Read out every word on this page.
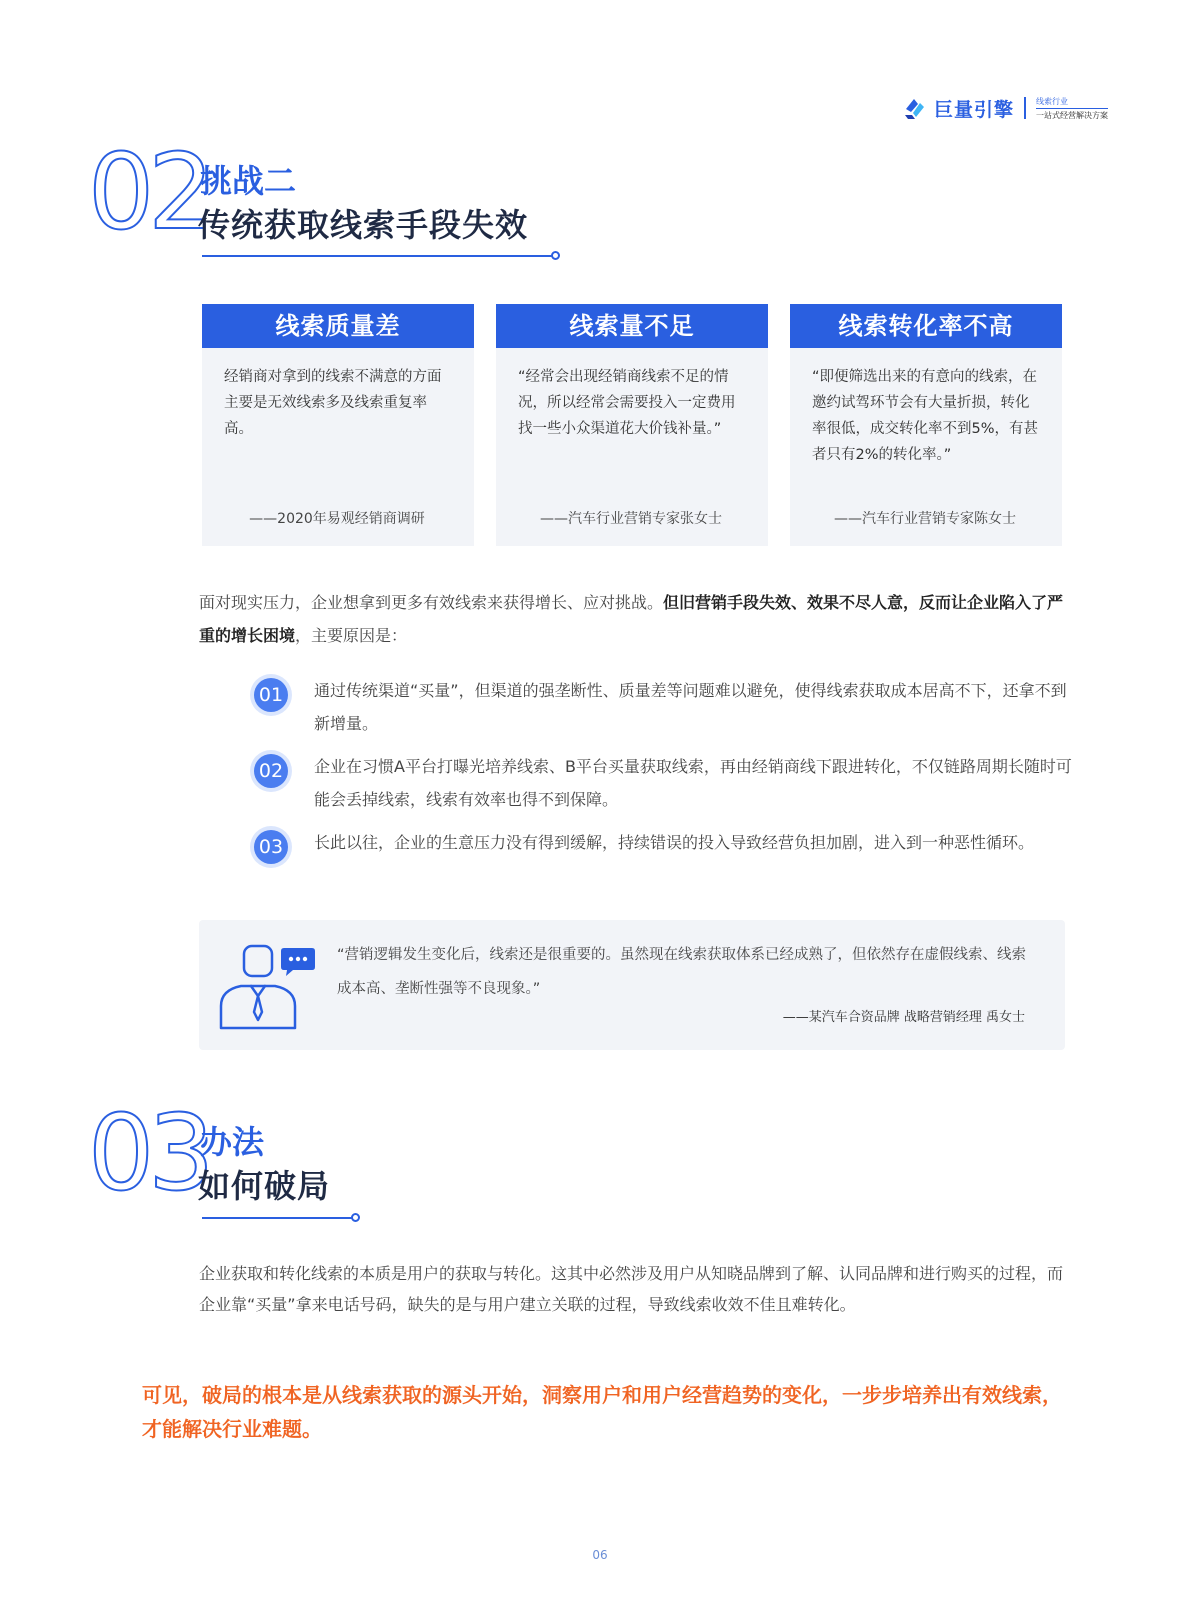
巨量引擎	线索行业
一站式经营解决方案
02
挑战二
传统获取线索手段失效
线索质量差
经销商对拿到的线索不满意的方面主要是无效线索多及线索重复率高。
——2020年易观经销商调研
线索量不足
“经常会出现经销商线索不足的情况，所以经常会需要投入一定费用找一些小众渠道花大价钱补量。”
——汽车行业营销专家张女士
线索转化率不高
“即便筛选出来的有意向的线索，在邀约试驾环节会有大量折损，转化率很低，成交转化率不到5%，有甚者只有2%的转化率。”
——汽车行业营销专家陈女士
面对现实压力，企业想拿到更多有效线索来获得增长、应对挑战。但旧营销手段失效、效果不尽人意，反而让企业陷入了严重的增长困境，主要原因是：
01	通过传统渠道“买量”，但渠道的强垄断性、质量差等问题难以避免，使得线索获取成本居高不下，还拿不到新增量。
02	企业在习惯A平台打曝光培养线索、B平台买量获取线索，再由经销商线下跟进转化，不仅链路周期长随时可能会丢掉线索，线索有效率也得不到保障。
03	长此以往，企业的生意压力没有得到缓解，持续错误的投入导致经营负担加剧，进入到一种恶性循环。
“营销逻辑发生变化后，线索还是很重要的。虽然现在线索获取体系已经成熟了，但依然存在虚假线索、线索成本高、垄断性强等不良现象。”
——某汽车合资品牌 战略营销经理 禹女士
03
办法
如何破局
企业获取和转化线索的本质是用户的获取与转化。这其中必然涉及用户从知晓品牌到了解、认同品牌和进行购买的过程，而企业靠“买量”拿来电话号码，缺失的是与用户建立关联的过程，导致线索收效不佳且难转化。
可见，破局的根本是从线索获取的源头开始，洞察用户和用户经营趋势的变化，一步步培养出有效线索，才能解决行业难题。
06
